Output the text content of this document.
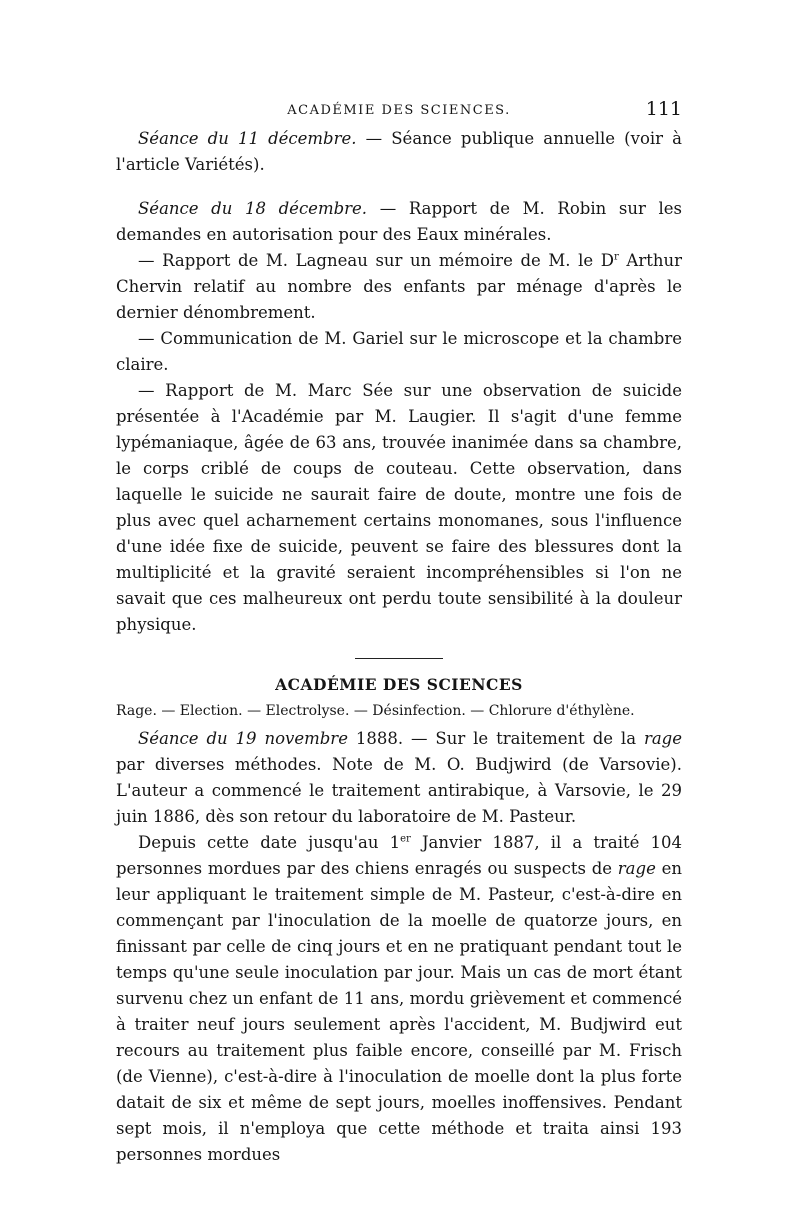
ACADÉMIE DES SCIENCES.	111

Séance du 11 décembre. — Séance publique annuelle (voir à l'article Variétés).

Séance du 18 décembre. — Rapport de M. Robin sur les demandes en autorisation pour des Eaux minérales.

— Rapport de M. Lagneau sur un mémoire de M. le $D^r$ Arthur Chervin relatif au nombre des enfants par ménage d'après le dernier dénombrement.

— Communication de M. Gariel sur le microscope et la chambre claire.

— Rapport de M. Marc Sée sur une observation de suicide présentée à l'Académie par M. Laugier. Il s'agit d'une femme lypémaniaque, âgée de 63 ans, trouvée inanimée dans sa chambre, le corps criblé de coups de couteau. Cette observation, dans laquelle le suicide ne saurait faire de doute, montre une fois de plus avec quel acharnement certains monomanes, sous l'influence d'une idée fixe de suicide, peuvent se faire des blessures dont la multiplicité et la gravité seraient incompréhensibles si l'on ne savait que ces malheureux ont perdu toute sensibilité à la douleur physique.

ACADÉMIE DES SCIENCES
Rage. — Election. — Electrolyse. — Désinfection. — Chlorure d'éthylène.

Séance du 19 novembre 1888. — Sur le traitement de la rage par diverses méthodes. Note de M. O. Budjwird (de Varsovie). L'auteur a commencé le traitement antirabique, à Varsovie, le 29 juin 1886, dès son retour du laboratoire de M. Pasteur.

Depuis cette date jusqu'au 1er Janvier 1887, il a traité 104 personnes mordues par des chiens enragés ou suspects de rage en leur appliquant le traitement simple de M. Pasteur, c'est-à-dire en commençant par l'inoculation de la moelle de quatorze jours, en finissant par celle de cinq jours et en ne pratiquant pendant tout le temps qu'une seule inoculation par jour. Mais un cas de mort étant survenu chez un enfant de 11 ans, mordu grièvement et commencé à traiter neuf jours seulement après l'accident, M. Budjwird eut recours au traitement plus faible encore, conseillé par M. Frisch (de Vienne), c'est-à-dire à l'inoculation de moelle dont la plus forte datait de six et même de sept jours, moelles inoffensives. Pendant sept mois, il n'employa que cette méthode et traita ainsi 193 personnes mordues
